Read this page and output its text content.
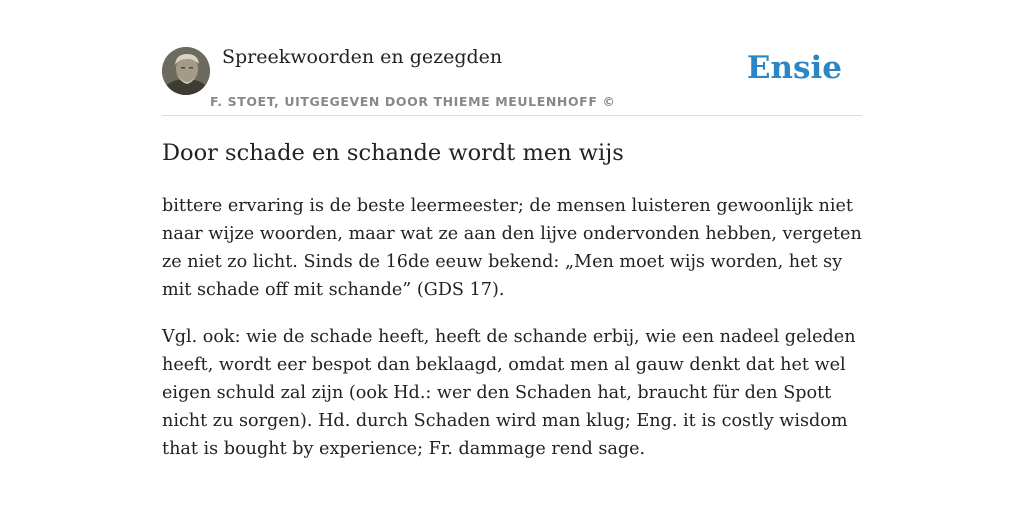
Spreekwoorden en gezegden
F. STOET, UITGEGEVEN DOOR THIEME MEULENHOFF ©
Ensie
Door schade en schande wordt men wijs

bittere ervaring is de beste leermeester; de mensen luisteren gewoonlijk niet naar wijze woorden, maar wat ze aan den lijve ondervonden hebben, vergeten ze niet zo licht. Sinds de 16de eeuw bekend: „Men moet wijs worden, het sy mit schade off mit schande” (GDS 17).

Vgl. ook: wie de schade heeft, heeft de schande erbij, wie een nadeel geleden heeft, wordt eer bespot dan beklaagd, omdat men al gauw denkt dat het wel eigen schuld zal zijn (ook Hd.: wer den Schaden hat, braucht für den Spott nicht zu sorgen). Hd. durch Schaden wird man klug; Eng. it is costly wisdom that is bought by experience; Fr. dammage rend sage.
